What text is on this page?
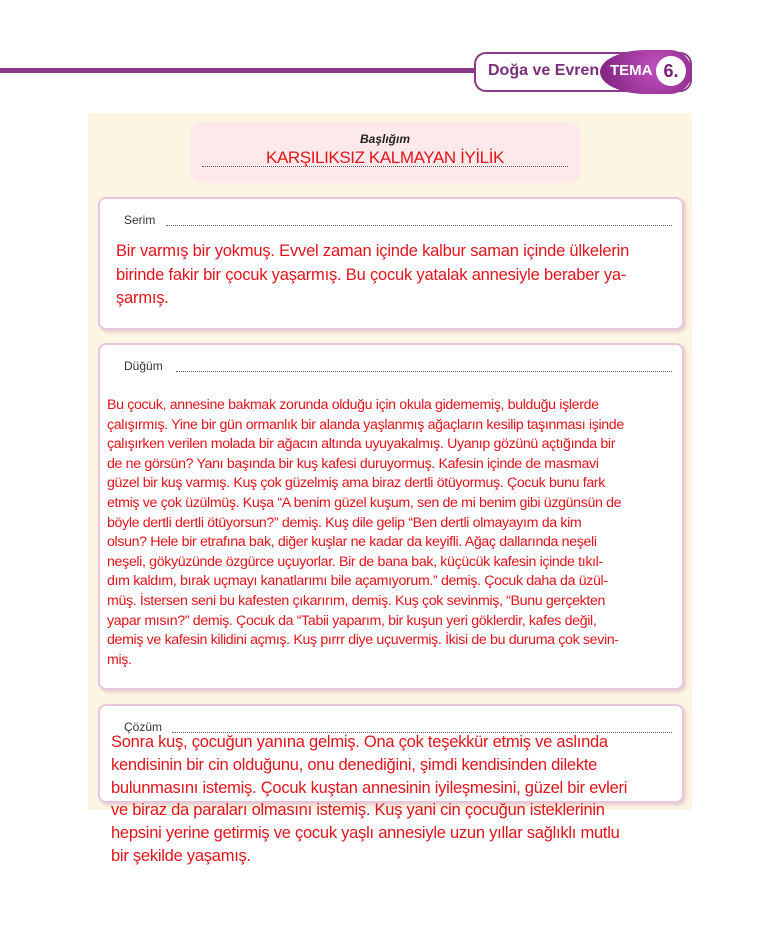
Doğa ve Evren TEMA 6.
Başlığım
KARŞILIKSIZ KALMAYAN İYİLİK
Serim
Düğüm
Çözüm
Bir varmış bir yokmuş. Evvel zaman içinde kalbur saman içinde ülkelerin
birinde fakir bir çocuk yaşarmış. Bu çocuk yatalak annesiyle beraber ya-
şarmış.
Bu çocuk, annesine bakmak zorunda olduğu için okula gidememiş, bulduğu işlerde
çalışırmış. Yine bir gün ormanlık bir alanda yaşlanmış ağaçların kesilip taşınması işinde
çalışırken verilen molada bir ağacın altında uyuyakalmış. Uyanıp gözünü açtığında bir
de ne görsün? Yanı başında bir kuş kafesi duruyormuş. Kafesin içinde de masmavi
güzel bir kuş varmış. Kuş çok güzelmiş ama biraz dertli ötüyormuş. Çocuk bunu fark
etmiş ve çok üzülmüş. Kuşa “A benim güzel kuşum, sen de mi benim gibi üzgünsün de
böyle dertli dertli ötüyorsun?” demiş. Kuş dile gelip “Ben dertli olmayayım da kim
olsun? Hele bir etrafına bak, diğer kuşlar ne kadar da keyifli. Ağaç dallarında neşeli
neşeli, gökyüzünde özgürce uçuyorlar. Bir de bana bak, küçücük kafesin içinde tıkıl-
dım kaldım, bırak uçmayı kanatlarımı bile açamıyorum.” demiş. Çocuk daha da üzül-
müş. İstersen seni bu kafesten çıkarırım, demiş. Kuş çok sevinmiş, “Bunu gerçekten
yapar mısın?” demiş. Çocuk da “Tabii yaparım, bir kuşun yeri göklerdir, kafes değil,
demiş ve kafesin kilidini açmış. Kuş pırrr diye uçuvermiş. İkisi de bu duruma çok sevin-
miş.
Sonra kuş, çocuğun yanına gelmiş. Ona çok teşekkür etmiş ve aslında
kendisinin bir cin olduğunu, onu denediğini, şimdi kendisinden dilekte
bulunmasını istemiş. Çocuk kuştan annesinin iyileşmesini, güzel bir evleri
ve biraz da paraları olmasını istemiş. Kuş yani cin çocuğun isteklerinin
hepsini yerine getirmiş ve çocuk yaşlı annesiyle uzun yıllar sağlıklı mutlu
bir şekilde yaşamış.
